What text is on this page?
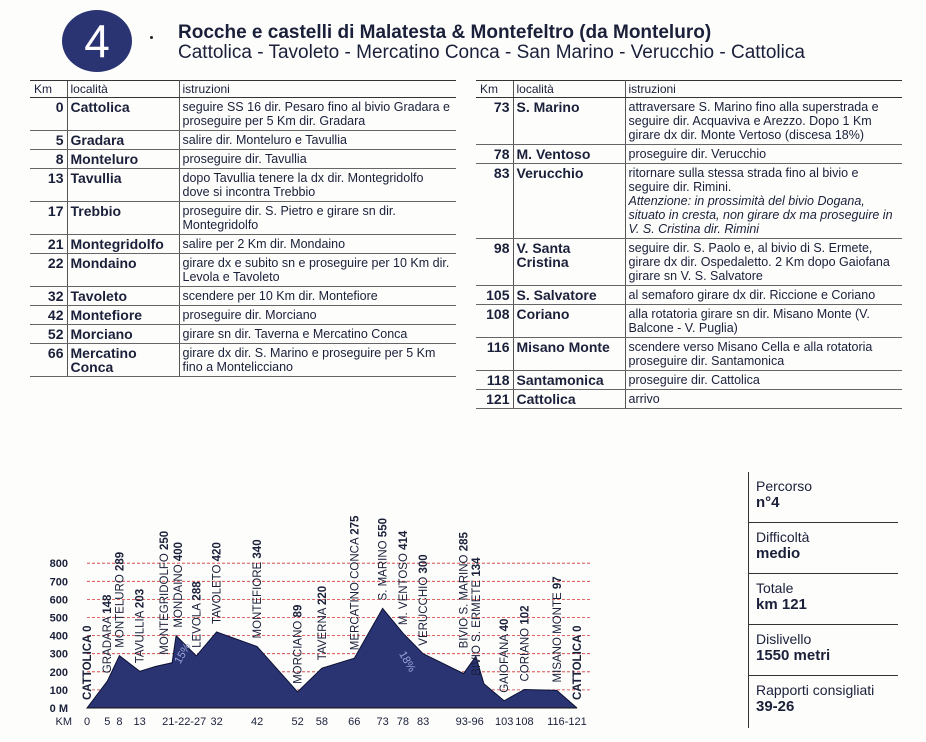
4	Rocche e castelli di Malatesta & Montefeltro (da Monteluro)
Cattolica - Tavoleto - Mercatino Conca - San Marino - Verucchio - Cattolica
Km	località	istruzioni
0	Cattolica	seguire SS 16 dir. Pesaro fino al bivio Gradara e proseguire per 5 Km dir. Gradara
5	Gradara	salire dir. Monteluro e Tavullia
8	Monteluro	proseguire dir. Tavullia
13	Tavullia	dopo Tavullia tenere la dx dir. Montegridolfo dove si incontra Trebbio
17	Trebbio	proseguire dir. S. Pietro e girare sn dir. Montegridolfo
21	Montegridolfo	salire per 2 Km dir. Mondaino
22	Mondaino	girare dx e subito sn e proseguire per 10 Km dir. Levola e Tavoleto
32	Tavoleto	scendere per 10 Km dir. Montefiore
42	Montefiore	proseguire dir. Morciano
52	Morciano	girare sn dir. Taverna e Mercatino Conca
66	Mercatino Conca	girare dx dir. S. Marino e proseguire per 5 Km fino a Montelicciano
Km	località	istruzioni
73	S. Marino	attraversare S. Marino fino alla superstrada e seguire dir. Acquaviva e Arezzo. Dopo 1 Km girare dx dir. Monte Vertoso (discesa 18%)
78	M. Ventoso	proseguire dir. Verucchio
83	Verucchio	ritornare sulla stessa strada fino al bivio e seguire dir. Rimini.
Attenzione: in prossimità del bivio Dogana, situato in cresta, non girare dx ma proseguire in V. S. Cristina dir. Rimini

98	V. Santa Cristina	seguire dir. S. Paolo e, al bivio di S. Ermete, girare dx dir. Ospedaletto. 2 Km dopo Gaiofana girare sn V. S. Salvatore
105	S. Salvatore	al semaforo girare dx dir. Riccione e Coriano
108	Coriano	alla rotatoria girare sn dir. Misano Monte (V. Balcone - V. Puglia)
116	Misano Monte	scendere verso Misano Cella e alla rotatoria proseguire dir. Santamonica
118	Santamonica	proseguire dir. Cattolica
121	Cattolica	arrivo
800
700
600
500
400
300
200
100
0 M
15%	18%
KM 0 5 8 13 21-22-27 32	42	52 58 66 73 78 83 93-96 103 108 116-121
CATTOLICA 0 GRADARA 148 MONTELURO 289
TAVULLIA 203 MONTEGRIDOLFO 250
MONDAINO 400
LEVOLA 288 TAVOLETO 420
MONTEFIORE 340
MORCIANO 89 TAVERNA 220 MERCATINO CONCA 275
S. MARINO 550
M. VENTOSO 414
VERUCCHIO 300 BIVIO S. MARINO 285
BIVIO S. ERMETE 134
GAIOFANA 40 CORIANO 102 MISANO MONTE 97
CATTOLICA 0
Percorso
n°4
Difficoltà
medio
Totale
km 121
Dislivello
1550 metri
Rapporti consigliati
39-26
